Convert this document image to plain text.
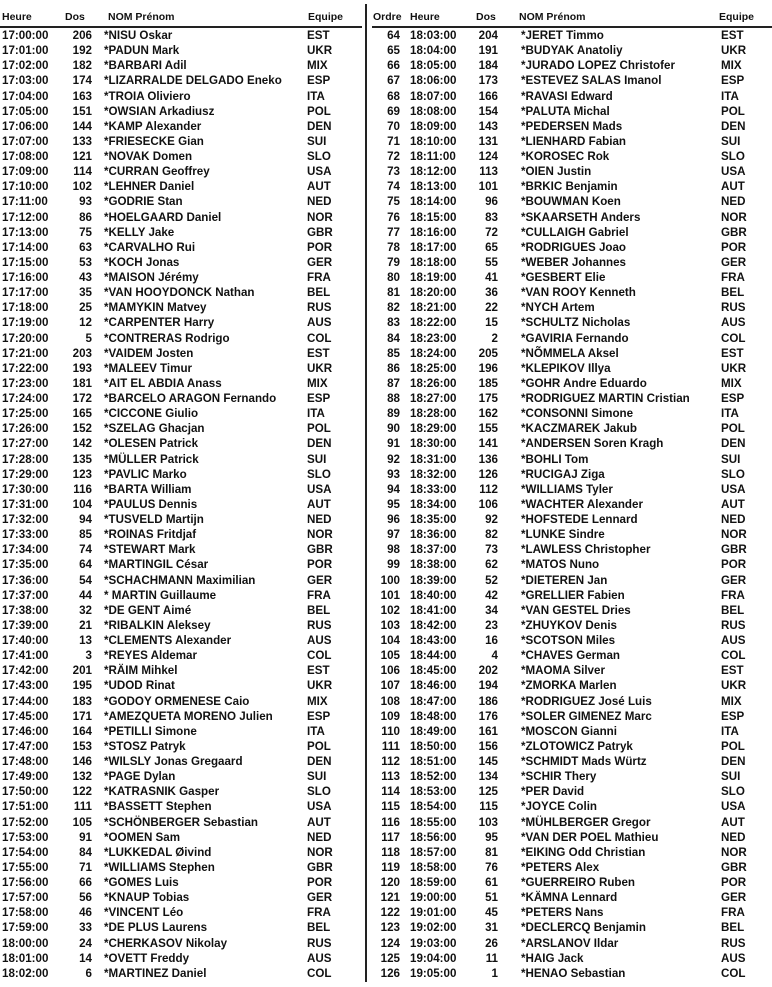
Heure	Dos NOM Prénom	Equipe
17:00:00	206 *NISU Oskar	EST
17:01:00	192 *PADUN Mark	UKR
17:02:00	182 *BARBARI Adil	MIX
17:03:00	174 *LIZARRALDE DELGADO Eneko ESP
17:04:00	163 *TROIA Oliviero	ITA
17:05:00	151 *OWSIAN Arkadiusz	POL
17:06:00	144 *KAMP Alexander	DEN
17:07:00	133 *FRIESECKE Gian	SUI
17:08:00	121 *NOVAK Domen	SLO
17:09:00	114 *CURRAN Geoffrey	USA
17:10:00	102 *LEHNER Daniel	AUT
17:11:00	93 *GODRIE Stan	NED
17:12:00	86 *HOELGAARD Daniel	NOR
17:13:00	75 *KELLY Jake	GBR
17:14:00	63 *CARVALHO Rui	POR
17:15:00	53 *KOCH Jonas	GER
17:16:00	43 *MAISON Jérémy	FRA
17:17:00	35 *VAN HOOYDONCK Nathan	BEL
17:18:00	25 *MAMYKIN Matvey	RUS
17:19:00	12 *CARPENTER Harry	AUS
17:20:00	5 *CONTRERAS Rodrigo	COL
17:21:00	203 *VAIDEM Josten	EST
17:22:00	193 *MALEEV Timur	UKR
17:23:00	181 *AIT EL ABDIA Anass	MIX
17:24:00	172 *BARCELO ARAGON Fernando	ESP
17:25:00	165 *CICCONE Giulio	ITA
17:26:00	152 *SZELAG Ghacjan	POL
17:27:00	142 *OLESEN Patrick	DEN
17:28:00	135 *MÜLLER Patrick	SUI
17:29:00	123 *PAVLIC Marko	SLO
17:30:00	116 *BARTA William	USA
17:31:00	104 *PAULUS Dennis	AUT
17:32:00	94 *TUSVELD Martijn	NED
17:33:00	85 *ROINAS Fritdjaf	NOR
17:34:00	74 *STEWART Mark	GBR
17:35:00	64 *MARTINGIL César	POR
17:36:00	54 *SCHACHMANN Maximilian	GER
17:37:00	44 * MARTIN Guillaume	FRA
17:38:00	32 *DE GENT Aimé	BEL
17:39:00	21 *RIBALKIN Aleksey	RUS
17:40:00	13 *CLEMENTS Alexander	AUS
17:41:00	3 *REYES Aldemar	COL
17:42:00	201 *RÄIM Mihkel	EST
17:43:00	195 *UDOD Rinat	UKR
17:44:00	183 *GODOY ORMENESE Caio	MIX
17:45:00	171 *AMEZQUETA MORENO Julien	ESP
17:46:00	164 *PETILLI Simone	ITA
17:47:00	153 *STOSZ Patryk	POL
17:48:00	146 *WILSLY Jonas Gregaard	DEN
17:49:00	132 *PAGE Dylan	SUI
17:50:00	122 *KATRASNIK Gasper	SLO
17:51:00	111 *BASSETT Stephen	USA
17:52:00	105 *SCHÖNBERGER Sebastian	AUT
17:53:00	91 *OOMEN Sam	NED
17:54:00	84 *LUKKEDAL Øivind	NOR
17:55:00	71 *WILLIAMS Stephen	GBR
17:56:00	66 *GOMES Luis	POR
17:57:00	56 *KNAUP Tobias	GER
17:58:00	46 *VINCENT Léo	FRA
17:59:00	33 *DE PLUS Laurens	BEL
18:00:00	24 *CHERKASOV Nikolay	RUS
18:01:00	14 *OVETT Freddy	AUS
18:02:00	6 *MARTINEZ Daniel	COL
Ordre Heure	Dos NOM Prénom	Equipe
64 18:03:00	204 *JERET Timmo	EST
65 18:04:00	191 *BUDYAK Anatoliy	UKR
66 18:05:00	184 *JURADO LOPEZ Christofer	MIX
67 18:06:00	173 *ESTEVEZ SALAS Imanol	ESP
68 18:07:00	166 *RAVASI Edward	ITA
69 18:08:00	154 *PALUTA Michal	POL
70 18:09:00	143 *PEDERSEN Mads	DEN
71 18:10:00	131 *LIENHARD Fabian	SUI
72 18:11:00	124 *KOROSEC Rok	SLO
73 18:12:00	113 *OIEN Justin	USA
74 18:13:00	101 *BRKIC Benjamin	AUT
75 18:14:00	96 *BOUWMAN Koen	NED
76 18:15:00	83 *SKAARSETH Anders	NOR
77 18:16:00	72 *CULLAIGH Gabriel	GBR
78 18:17:00	65 *RODRIGUES Joao	POR
79 18:18:00	55 *WEBER Johannes	GER
80 18:19:00	41 *GESBERT Elie	FRA
81 18:20:00	36 *VAN ROOY Kenneth	BEL
82 18:21:00	22 *NYCH Artem	RUS
83 18:22:00	15 *SCHULTZ Nicholas	AUS
84 18:23:00	2 *GAVIRIA Fernando	COL
85 18:24:00	205 *NÕMMELA Aksel	EST
86 18:25:00	196 *KLEPIKOV Illya	UKR
87 18:26:00	185 *GOHR Andre Eduardo	MIX
88 18:27:00	175 *RODRIGUEZ MARTIN Cristian	ESP
89 18:28:00	162 *CONSONNI Simone	ITA
90 18:29:00	155 *KACZMAREK Jakub	POL
91 18:30:00	141 *ANDERSEN Soren Kragh	DEN
92 18:31:00	136 *BOHLI Tom	SUI
93 18:32:00	126 *RUCIGAJ Ziga	SLO
94 18:33:00	112 *WILLIAMS Tyler	USA
95 18:34:00	106 *WACHTER Alexander	AUT
96 18:35:00	92 *HOFSTEDE Lennard	NED
97 18:36:00	82 *LUNKE Sindre	NOR
98 18:37:00	73 *LAWLESS Christopher	GBR
99 18:38:00	62 *MATOS Nuno	POR
100 18:39:00	52 *DIETEREN Jan	GER
101 18:40:00	42 *GRELLIER Fabien	FRA
102 18:41:00	34 *VAN GESTEL Dries	BEL
103 18:42:00	23 *ZHUYKOV Denis	RUS
104 18:43:00	16 *SCOTSON Miles	AUS
105 18:44:00	4 *CHAVES German	COL
106 18:45:00	202 *MAOMA Silver	EST
107 18:46:00	194 *ZMORKA Marlen	UKR
108 18:47:00	186 *RODRIGUEZ José Luis	MIX
109 18:48:00	176 *SOLER GIMENEZ Marc	ESP
110 18:49:00	161 *MOSCON Gianni	ITA
111 18:50:00	156 *ZLOTOWICZ Patryk	POL
112 18:51:00	145 *SCHMIDT Mads Würtz	DEN
113 18:52:00	134 *SCHIR Thery	SUI
114 18:53:00	125 *PER David	SLO
115 18:54:00	115 *JOYCE Colin	USA
116 18:55:00	103 *MÜHLBERGER Gregor	AUT
117 18:56:00	95 *VAN DER POEL Mathieu	NED
118 18:57:00	81 *EIKING Odd Christian	NOR
119 18:58:00	76 *PETERS Alex	GBR
120 18:59:00	61 *GUERREIRO Ruben	POR
121 19:00:00	51 *KÄMNA Lennard	GER
122 19:01:00	45 *PETERS Nans	FRA
123 19:02:00	31 *DECLERCQ Benjamin	BEL
124 19:03:00	26 *ARSLANOV Ildar	RUS
125 19:04:00	11 *HAIG Jack	AUS
126 19:05:00	1 *HENAO Sebastian	COL
